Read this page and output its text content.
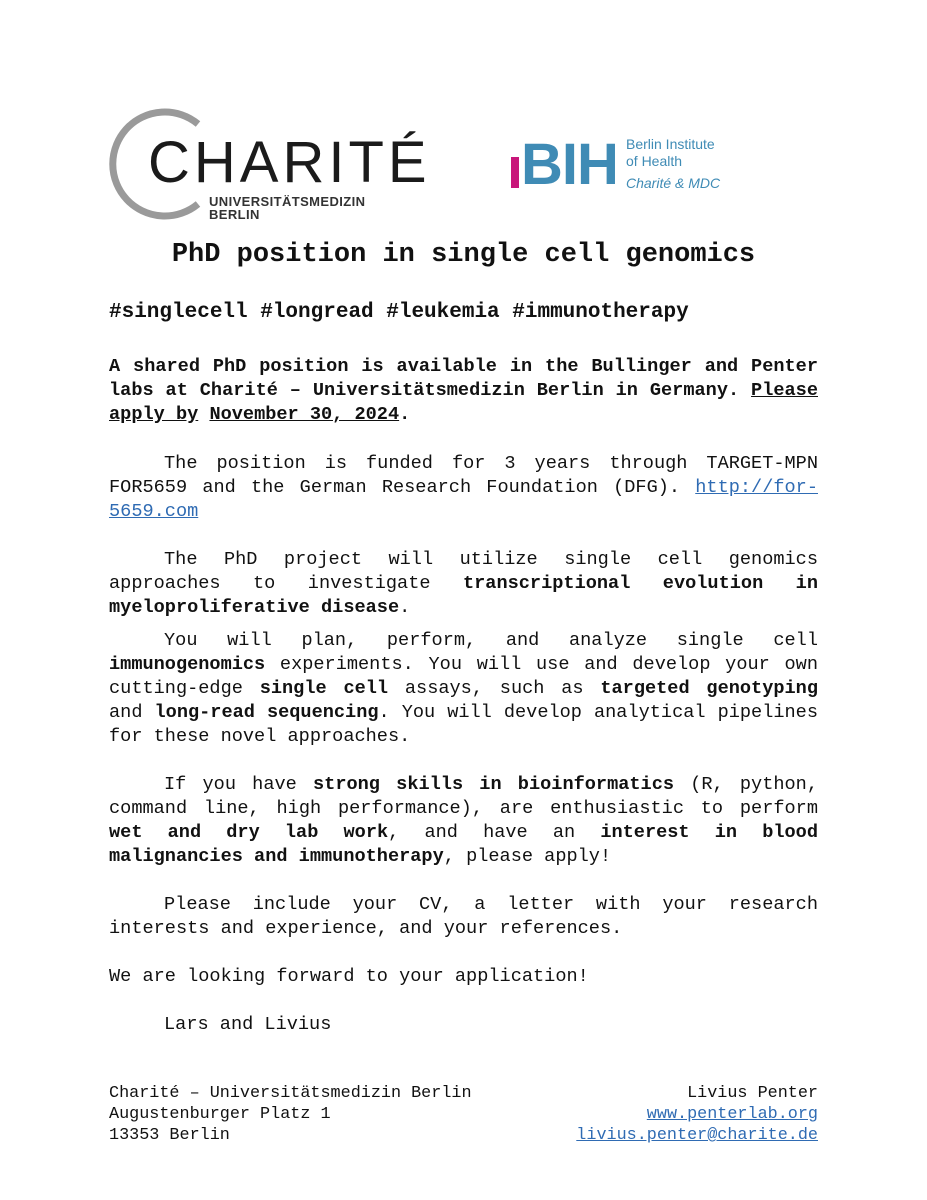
CHARITÉ
UNIVERSITÄTSMEDIZIN BERLIN
BIH Berlin Institute
of Health
Charité & MDC
PhD position in single cell genomics
#singlecell #longread #leukemia #immunotherapy

A shared PhD position is available in the Bullinger and Penter labs at Charité – Universitätsmedizin Berlin in Germany. Please apply by November 30, 2024.

The position is funded for 3 years through TARGET-MPN FOR5659 and the German Research Foundation (DFG). http://for-5659.com

The PhD project will utilize single cell genomics approaches to investigate transcriptional evolution in myeloproliferative disease.

You will plan, perform, and analyze single cell immunogenomics experiments. You will use and develop your own cutting-edge single cell assays, such as targeted genotyping and long-read sequencing. You will develop analytical pipelines for these novel approaches.

If you have strong skills in bioinformatics (R, python, command line, high performance), are enthusiastic to perform wet and dry lab work, and have an interest in blood malignancies and immunotherapy, please apply!

Please include your CV, a letter with your research interests and experience, and your references.

We are looking forward to your application!

Lars and Livius

Charité – Universitätsmedizin Berlin
Augustenburger Platz 1
13353 Berlin
Livius Penter
www.penterlab.org
livius.penter@charite.de
